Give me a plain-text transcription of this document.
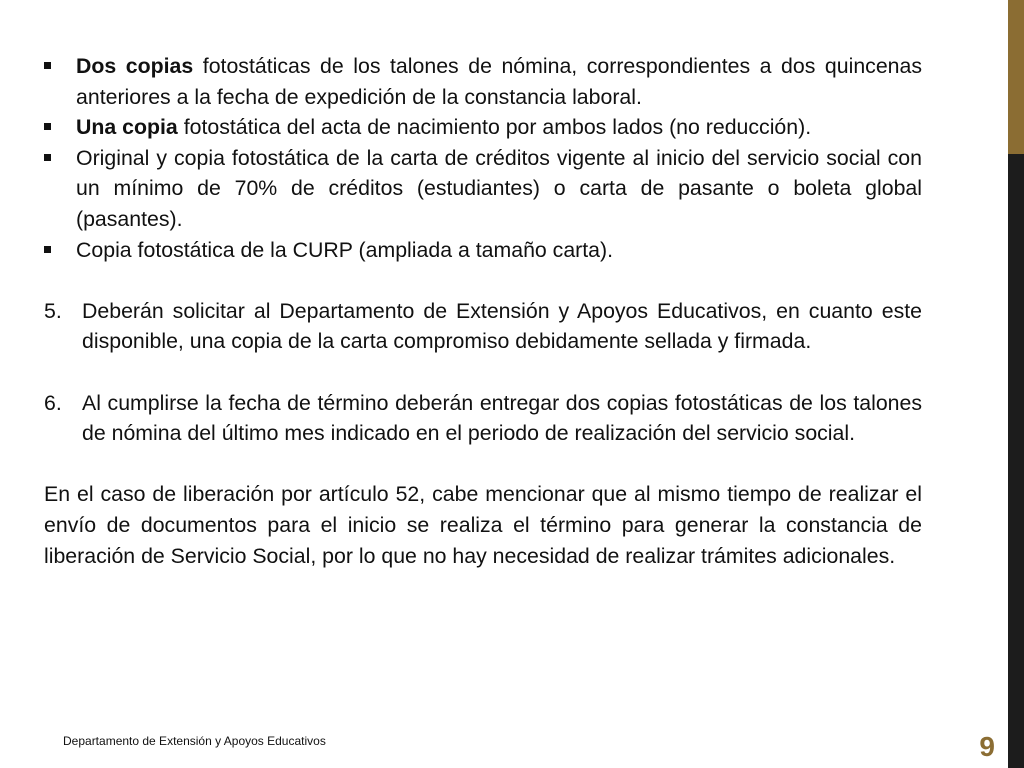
Dos copias fotostáticas de los talones de nómina, correspondientes a dos quincenas anteriores a la fecha de expedición de la constancia laboral.
Una copia fotostática del acta de nacimiento por ambos lados (no reducción).
Original y copia fotostática de la carta de créditos vigente al inicio del servicio social con un mínimo de 70% de créditos (estudiantes) o carta de pasante o boleta global (pasantes).
Copia fotostática de la CURP (ampliada a tamaño carta).
5. Deberán solicitar al Departamento de Extensión y Apoyos Educativos, en cuanto este disponible, una copia de la carta compromiso debidamente sellada y firmada.
6. Al cumplirse la fecha de término deberán entregar dos copias fotostáticas de los talones de nómina del último mes indicado en el periodo de realización del servicio social.
En el caso de liberación por artículo 52, cabe mencionar que al mismo tiempo de realizar el envío de documentos para el inicio se realiza el término para generar la constancia de liberación de Servicio Social, por lo que no hay necesidad de realizar trámites adicionales.
Departamento de Extensión y Apoyos Educativos	9
